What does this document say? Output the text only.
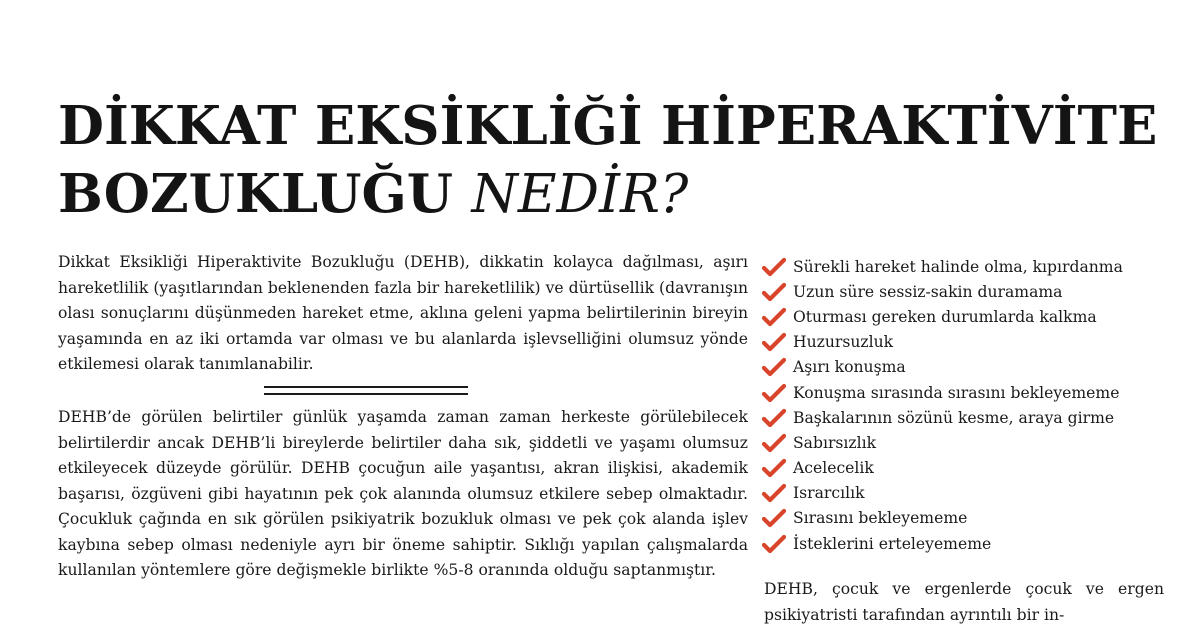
DİKKAT EKSİKLİĞİ HİPERAKTİVİTE
BOZUKLUĞU NEDİR?

Dikkat Eksikliği Hiperaktivite Bozukluğu (DEHB), dikkatin kolayca dağılması, aşırı hareketlilik (yaşıtlarından beklenenden fazla bir hareketlilik) ve dürtüsellik (davranışın olası sonuçlarını düşünmeden hareket etme, aklına geleni yapma belirtilerinin bireyin yaşamında en az iki ortamda var olması ve bu alanlarda işlevselliğini olumsuz yönde etkilemesi olarak tanımlanabilir.

DEHB’de görülen belirtiler günlük yaşamda zaman zaman herkeste görülebilecek belirtilerdir ancak DEHB’li bireylerde belirtiler daha sık, şiddetli ve yaşamı olumsuz etkileyecek düzeyde görülür. DEHB çocuğun aile yaşantısı, akran ilişkisi, akademik başarısı, özgüveni gibi hayatının pek çok alanında olumsuz etkilere sebep olmaktadır. Çocukluk çağında en sık görülen psikiyatrik bozukluk olması ve pek çok alanda işlev kaybına sebep olması nedeniyle ayrı bir öneme sahiptir. Sıklığı yapılan çalışmalarda kullanılan yöntemlere göre değişmekle birlikte %5-8 oranında olduğu saptanmıştır.

Sürekli hareket halinde olma, kıpırdanma
Uzun süre sessiz-sakin duramama
Oturması gereken durumlarda kalkma
Huzursuzluk
Aşırı konuşma
Konuşma sırasında sırasını bekleyememe
Başkalarının sözünü kesme, araya girme
Sabırsızlık
Acelecelik
Israrcılık
Sırasını bekleyememe
İsteklerini erteleyememe

DEHB, çocuk ve ergenlerde çocuk ve ergen psikiyatristi tarafından ayrıntılı bir in-
